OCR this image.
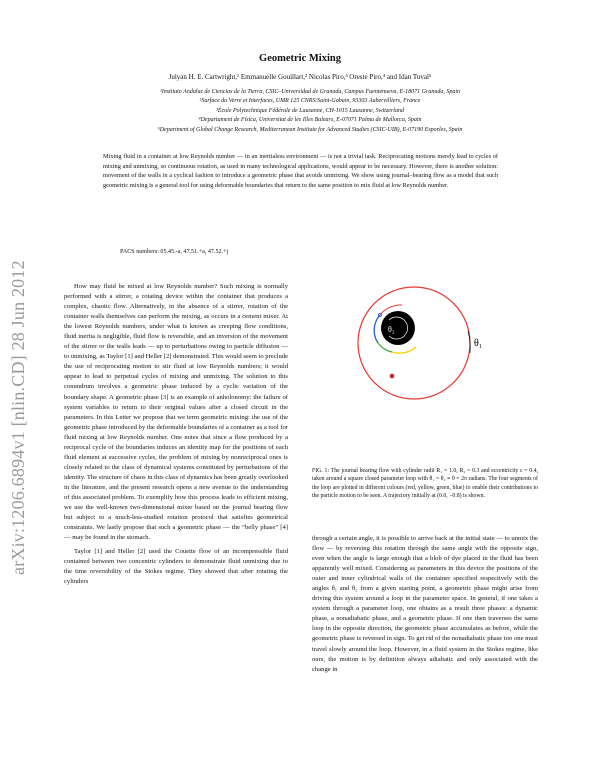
arXiv:1206.6894v1 [nlin.CD] 28 Jun 2012
Geometric Mixing
Julyan H. E. Cartwright,¹ Emmanuelle Gouillart,² Nicolas Piro,³ Oreste Piro,⁴ and Idan Tuval⁵
¹Instituto Andaluz de Ciencias de la Tierra, CSIC–Universidad de Granada, Campus Fuentenueva, E-18071 Granada, Spain
²Surface du Verre et Interfaces, UMR 125 CNRS/Saint-Gobain, 93303 Aubervilliers, France
³École Polytechnique Fédérale de Lausanne, CH-1015 Lausanne, Switzerland
⁴Departament de Física, Universitat de les Illes Balears, E-07071 Palma de Mallorca, Spain
⁵Department of Global Change Research, Mediterranean Institute for Advanced Studies (CSIC-UIB), E-07190 Esporles, Spain
Mixing fluid in a container at low Reynolds number — in an inertialess environment — is not a trivial task. Reciprocating motions merely lead to cycles of mixing and unmixing, so continuous rotation, as used in many technological applications, would appear to be necessary. However, there is another solution: movement of the walls in a cyclical fashion to introduce a geometric phase that avoids unmixing. We show using journal–bearing flow as a model that such geometric mixing is a general tool for using deformable boundaries that return to the same position to mix fluid at low Reynolds number.
PACS numbers: 05.45.-a, 47.51.+a, 47.52.+j

How may fluid be mixed at low Reynolds number? Such mixing is normally performed with a stirrer, a rotating device within the container that produces a complex, chaotic flow. Alternatively, in the absence of a stirrer, rotation of the container walls themselves can perform the mixing, as occurs in a cement mixer. At the lowest Reynolds numbers, under what is known as creeping flow conditions, fluid inertia is negligible, fluid flow is reversible, and an inversion of the movement of the stirrer or the walls leads — up to perturbations owing to particle diffusion — to unmixing, as Taylor [1] and Heller [2] demonstrated. This would seem to preclude the use of reciprocating motion to stir fluid at low Reynolds numbers; it would appear to lead to perpetual cycles of mixing and unmixing. The solution to this conundrum involves a geometric phase induced by a cyclic variation of the boundary shape. A geometric phase [3] is an example of anholonomy: the failure of system variables to return to their original values after a closed circuit in the parameters. In this Letter we propose that we term geometric mixing: the use of the geometric phase introduced by the deformable boundaries of a container as a tool for fluid mixing at low Reynolds number. One notes that since a flow produced by a reciprocal cycle of the boundaries induces an identity map for the positions of each fluid element at successive cycles, the problem of mixing by nonreciprocal ones is closely related to the class of dynamical systems constituted by perturbations of the identity. The structure of chaos in this class of dynamics has been greatly overlooked in the literature, and the present research opens a new avenue to the understanding of this associated problem. To exemplify how this process leads to efficient mixing, we use the well-known two-dimensional mixer based on the journal bearing flow but subject to a much-less-studied rotation protocol that satisfies geometrical constraints. We lastly propose that such a geometric phase — the “belly phase” [4] — may be found in the stomach.

Taylor [1] and Heller [2] used the Couette flow of an incompressible fluid contained between two concentric cylinders to demonstrate fluid unmixing due to the time reversibility of the Stokes regime. They showed that after rotating the cylinders

θ₂
θ₁
FIG. 1: The journal bearing flow with cylinder radii R₁ = 1.0, R₂ = 0.3 and eccentricity ε = 0.4, taken around a square closed parameter loop with θ₁ = θ₂ ≡ θ = 2π radians. The four segments of the loop are plotted in different colours (red, yellow, green, blue) to enable their contributions to the particle motion to be seen. A trajectory initially at (0.0, −0.8) is shown.

through a certain angle, it is possible to arrive back at the initial state — to unmix the flow — by reversing this rotation through the same angle with the opposite sign, even when the angle is large enough that a blob of dye placed in the fluid has been apparently well mixed. Considering as parameters in this device the positions of the outer and inner cylindrical walls of the container specified respectively with the angles θ₁ and θ₂ from a given starting point, a geometric phase might arise from driving this system around a loop in the parameter space. In general, if one takes a system through a parameter loop, one obtains as a result three phases: a dynamic phase, a nonadiabatic phase, and a geometric phase. If one then traverses the same loop in the opposite direction, the geometric phase accumulates as before, while the geometric phase is reversed in sign. To get rid of the nonadiabatic phase too one must travel slowly around the loop. However, in a fluid system in the Stokes regime, like ours, the motion is by definition always adiabatic and only associated with the change in
